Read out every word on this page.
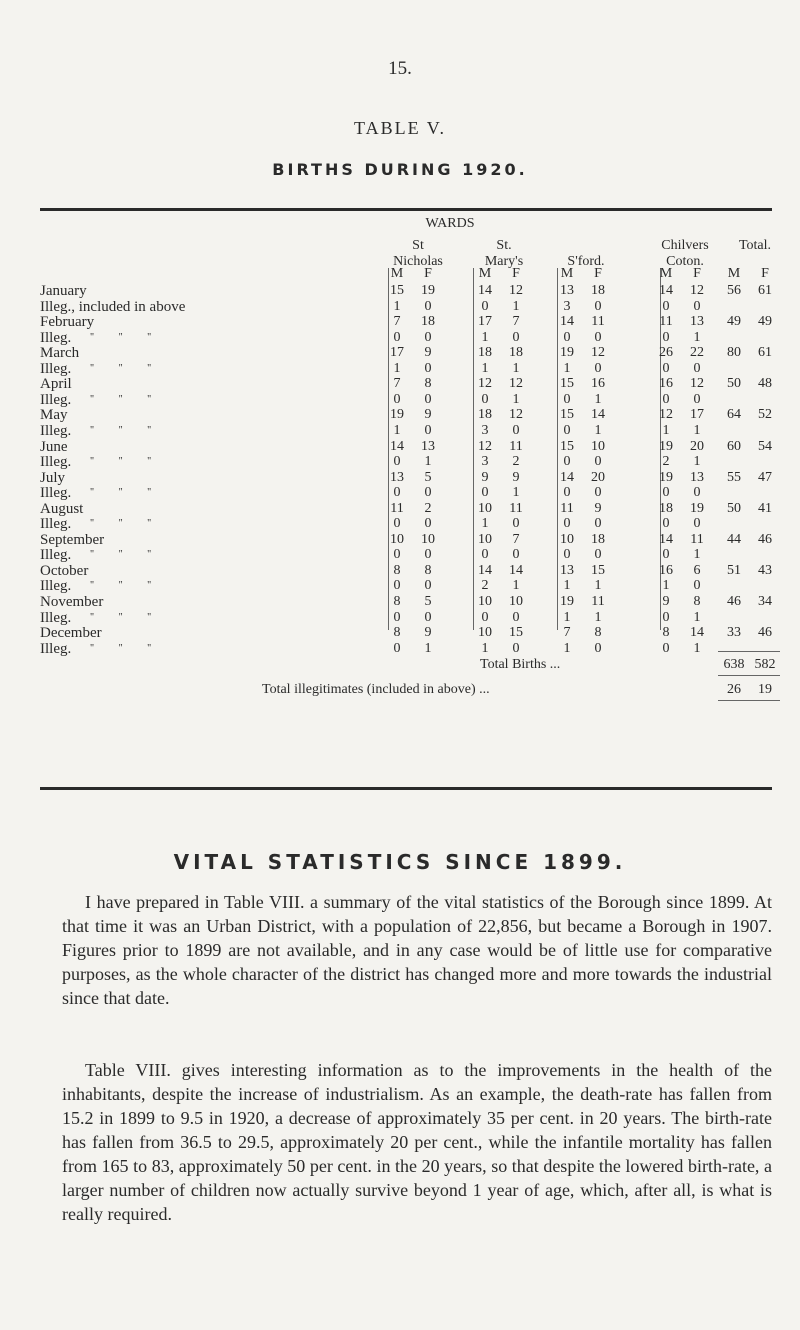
15.
TABLE V.
BIRTHS DURING 1920.
WARDS
St
Nicholas
St.
Mary's	S'ford.
Chilvers
Coton.
Total.
M	F	M	F	M	F	M	F	M	F
January	15	19	14	12	13	18	14	12	56	61
Illeg., included in above	1	0	0	1	3	0	0	0
February	7	18	17	7	14	11	11	13	49	49
Illeg. " " "	0	0	1	0	0	0	0	1
March	17	9	18	18	19	12	26	22	80	61
Illeg. " " "	1	0	1	1	1	0	0	0
April	7	8	12	12	15	16	16	12	50	48
Illeg. " " "	0	0	0	1	0	1	0	0
May	19	9	18	12	15	14	12	17	64	52
Illeg. " " "	1	0	3	0	0	1	1	1
June	14	13	12	11	15	10	19	20	60	54
Illeg. " " "	0	1	3	2	0	0	2	1
July	13	5	9	9	14	20	19	13	55	47
Illeg. " " "	0	0	0	1	0	0	0	0
August	11	2	10	11	11	9	18	19	50	41
Illeg. " " "	0	0	1	0	0	0	0	0
September	10	10	10	7	10	18	14	11	44	46
Illeg. " " "	0	0	0	0	0	0	0	1
October	8	8	14	14	13	15	16	6	51	43
Illeg. " " "	0	0	2	1	1	1	1	0
November	8	5	10	10	19	11	9	8	46	34
Illeg. " " "	0	0	0	0	1	1	0	1
December	8	9	10	15	7	8	8	14	33	46
Illeg. " " "	0	1	1	0	1	0	0	1
Total Births ...	638 582
Total illegitimates (included in above) ...	26	19
VITAL STATISTICS SINCE 1899.

I have prepared in Table VIII. a summary of the vital statistics of the Borough since 1899. At that time it was an Urban District, with a population of 22,856, but became a Borough in 1907. Figures prior to 1899 are not available, and in any case would be of little use for comparative purposes, as the whole character of the district has changed more and more towards the industrial since that date.

Table VIII. gives interesting information as to the improvements in the health of the inhabitants, despite the increase of industrialism. As an example, the death-rate has fallen from 15.2 in 1899 to 9.5 in 1920, a decrease of approximately 35 per cent. in 20 years. The birth-rate has fallen from 36.5 to 29.5, approximately 20 per cent., while the infantile mortality has fallen from 165 to 83, approximately 50 per cent. in the 20 years, so that despite the lowered birth-rate, a larger number of children now actually survive beyond 1 year of age, which, after all, is what is really required.
